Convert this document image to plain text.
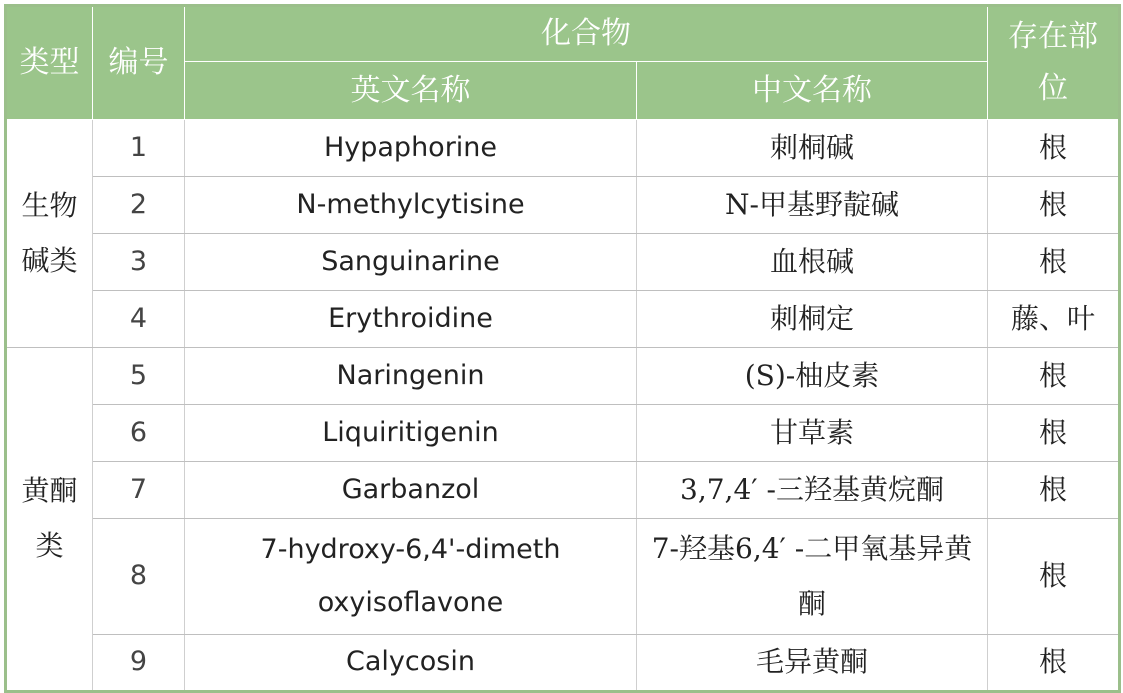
类型	编号	化合物		存在部位
		英文名称	中文名称	
生物碱类	1	Hypaphorine	刺桐碱	根
	2	N-methylcytisine	N-甲基野靛碱	根
	3	Sanguinarine	血根碱	根
	4	Erythroidine	刺桐定	藤、叶
黄酮类	5	Naringenin	(S)-柚皮素	根
	6	Liquiritigenin	甘草素	根
	7	Garbanzol	3,7,4′ -三羟基黄烷酮	根
	8	7-hydroxy-6,4'-dimethoxyisoflavone	7-羟基6,4′ -二甲氧基异黄酮	根
	9	Calycosin	毛异黄酮	根
